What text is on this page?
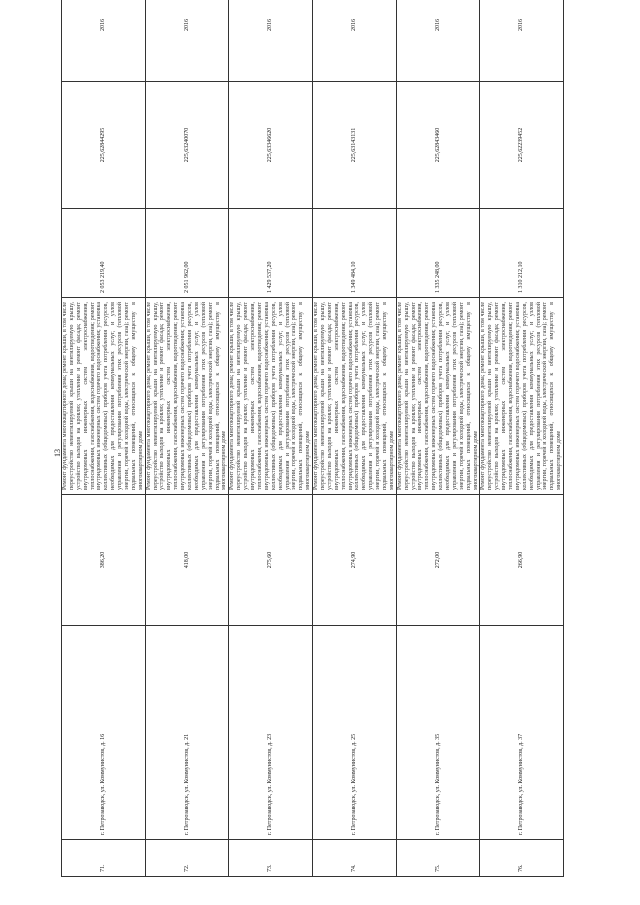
13
71.	г. Петрозаводск, ул. Коммунистов, д. 16	386,20	Ремонт фундамента многоквартирного дома; ремонт крыши, в том числе переустройство невентилируемой крыши на вентилируемую крышу, устройство выходов на кровлю; утепление и ремонт фасада; ремонт внутридомовых инженерных систем электроснабжения, теплоснабжения, газоснабжения, водоснабжения, водоотведения; ремонт внутридомовых инженерных систем горячего водоснабжения; установка коллективных (общедомовых) приборов учета потребления ресурсов, необходимых для предоставления коммунальных услуг, и узлов управления и регулирования потребления этих ресурсов (тепловой энергии, горячей и холодной воды, электрической энергии, газа); ремонт подвальных помещений, относящихся к общему имуществу в многоквартирном доме	2 053 219,40	225,62844295	2016
72.	г. Петрозаводск, ул. Коммунистов, д. 21	418,00	Ремонт фундамента многоквартирного дома; ремонт крыши, в том числе переустройство невентилируемой крыши на вентилируемую крышу, устройство выходов на кровлю; утепление и ремонт фасада; ремонт внутридомовых инженерных систем электроснабжения, теплоснабжения, газоснабжения, водоснабжения, водоотведения; ремонт внутридомовых инженерных систем горячего водоснабжения; установка коллективных (общедомовых) приборов учета потребления ресурсов, необходимых для предоставления коммунальных услуг, и узлов управления и регулирования потребления этих ресурсов (тепловой энергии, горячей и холодной воды, электрической энергии, газа); ремонт подвальных помещений, относящихся к общему имуществу в многоквартирном доме	2 051 962,00	225,63240070	2016
73.	г. Петрозаводск, ул. Коммунистов, д. 23	275,60	Ремонт фундамента многоквартирного дома; ремонт крыши, в том числе переустройство невентилируемой крыши на вентилируемую крышу, устройство выходов на кровлю; утепление и ремонт фасада; ремонт внутридомовых инженерных систем электроснабжения, теплоснабжения, газоснабжения, водоснабжения, водоотведения; ремонт внутридомовых инженерных систем горячего водоснабжения; установка коллективных (общедомовых) приборов учета потребления ресурсов, необходимых для предоставления коммунальных услуг, и узлов управления и регулирования потребления этих ресурсов (тепловой энергии, горячей и холодной воды, электрической энергии, газа); ремонт подвальных помещений, относящихся к общему имуществу в многоквартирном доме	1 429 537,20	225,63346620	2016
74.	г. Петрозаводск, ул. Коммунистов, д. 25	274,90	Ремонт фундамента многоквартирного дома; ремонт крыши, в том числе переустройство невентилируемой крыши на вентилируемую крышу, устройство выходов на кровлю; утепление и ремонт фасада; ремонт внутридомовых инженерных систем электроснабжения, теплоснабжения, газоснабжения, водоснабжения, водоотведения; ремонт внутридомовых инженерных систем горячего водоснабжения; установка коллективных (общедомовых) приборов учета потребления ресурсов, необходимых для предоставления коммунальных услуг, и узлов управления и регулирования потребления этих ресурсов (тепловой энергии, горячей и холодной воды, электрической энергии, газа); ремонт подвальных помещений, относящихся к общему имуществу в многоквартирном доме	1 349 484,10	225,63143131	2016
75.	г. Петрозаводск, ул. Коммунистов, д. 35	272,00	Ремонт фундамента многоквартирного дома; ремонт крыши, в том числе переустройство невентилируемой крыши на вентилируемую крышу, устройство выходов на кровлю; утепление и ремонт фасада; ремонт внутридомовых инженерных систем электроснабжения, теплоснабжения, газоснабжения, водоснабжения, водоотведения; ремонт внутридомовых инженерных систем горячего водоснабжения; установка коллективных (общедомовых) приборов учета потребления ресурсов, необходимых для предоставления коммунальных услуг, и узлов управления и регулирования потребления этих ресурсов (тепловой энергии, горячей и холодной воды, электрической энергии, газа); ремонт подвальных помещений, относящихся к общему имуществу в многоквартирном доме	1 335 248,00	225,62843460	2016
76.	г. Петрозаводск, ул. Коммунистов, д. 37	266,90	Ремонт фундамента многоквартирного дома; ремонт крыши, в том числе переустройство невентилируемой крыши на вентилируемую крышу, устройство выходов на кровлю; утепление и ремонт фасада; ремонт внутридомовых инженерных систем электроснабжения, теплоснабжения, газоснабжения, водоснабжения, водоотведения; ремонт внутридомовых инженерных систем горячего водоснабжения; установка коллективных (общедомовых) приборов учета потребления ресурсов, необходимых для предоставления коммунальных услуг, и узлов управления и регулирования потребления этих ресурсов (тепловой энергии, горячей и холодной воды, электрической энергии, газа); ремонт подвальных помещений, относящихся к общему имуществу в многоквартирном доме	1 310 212,10	225,62239452	2016
